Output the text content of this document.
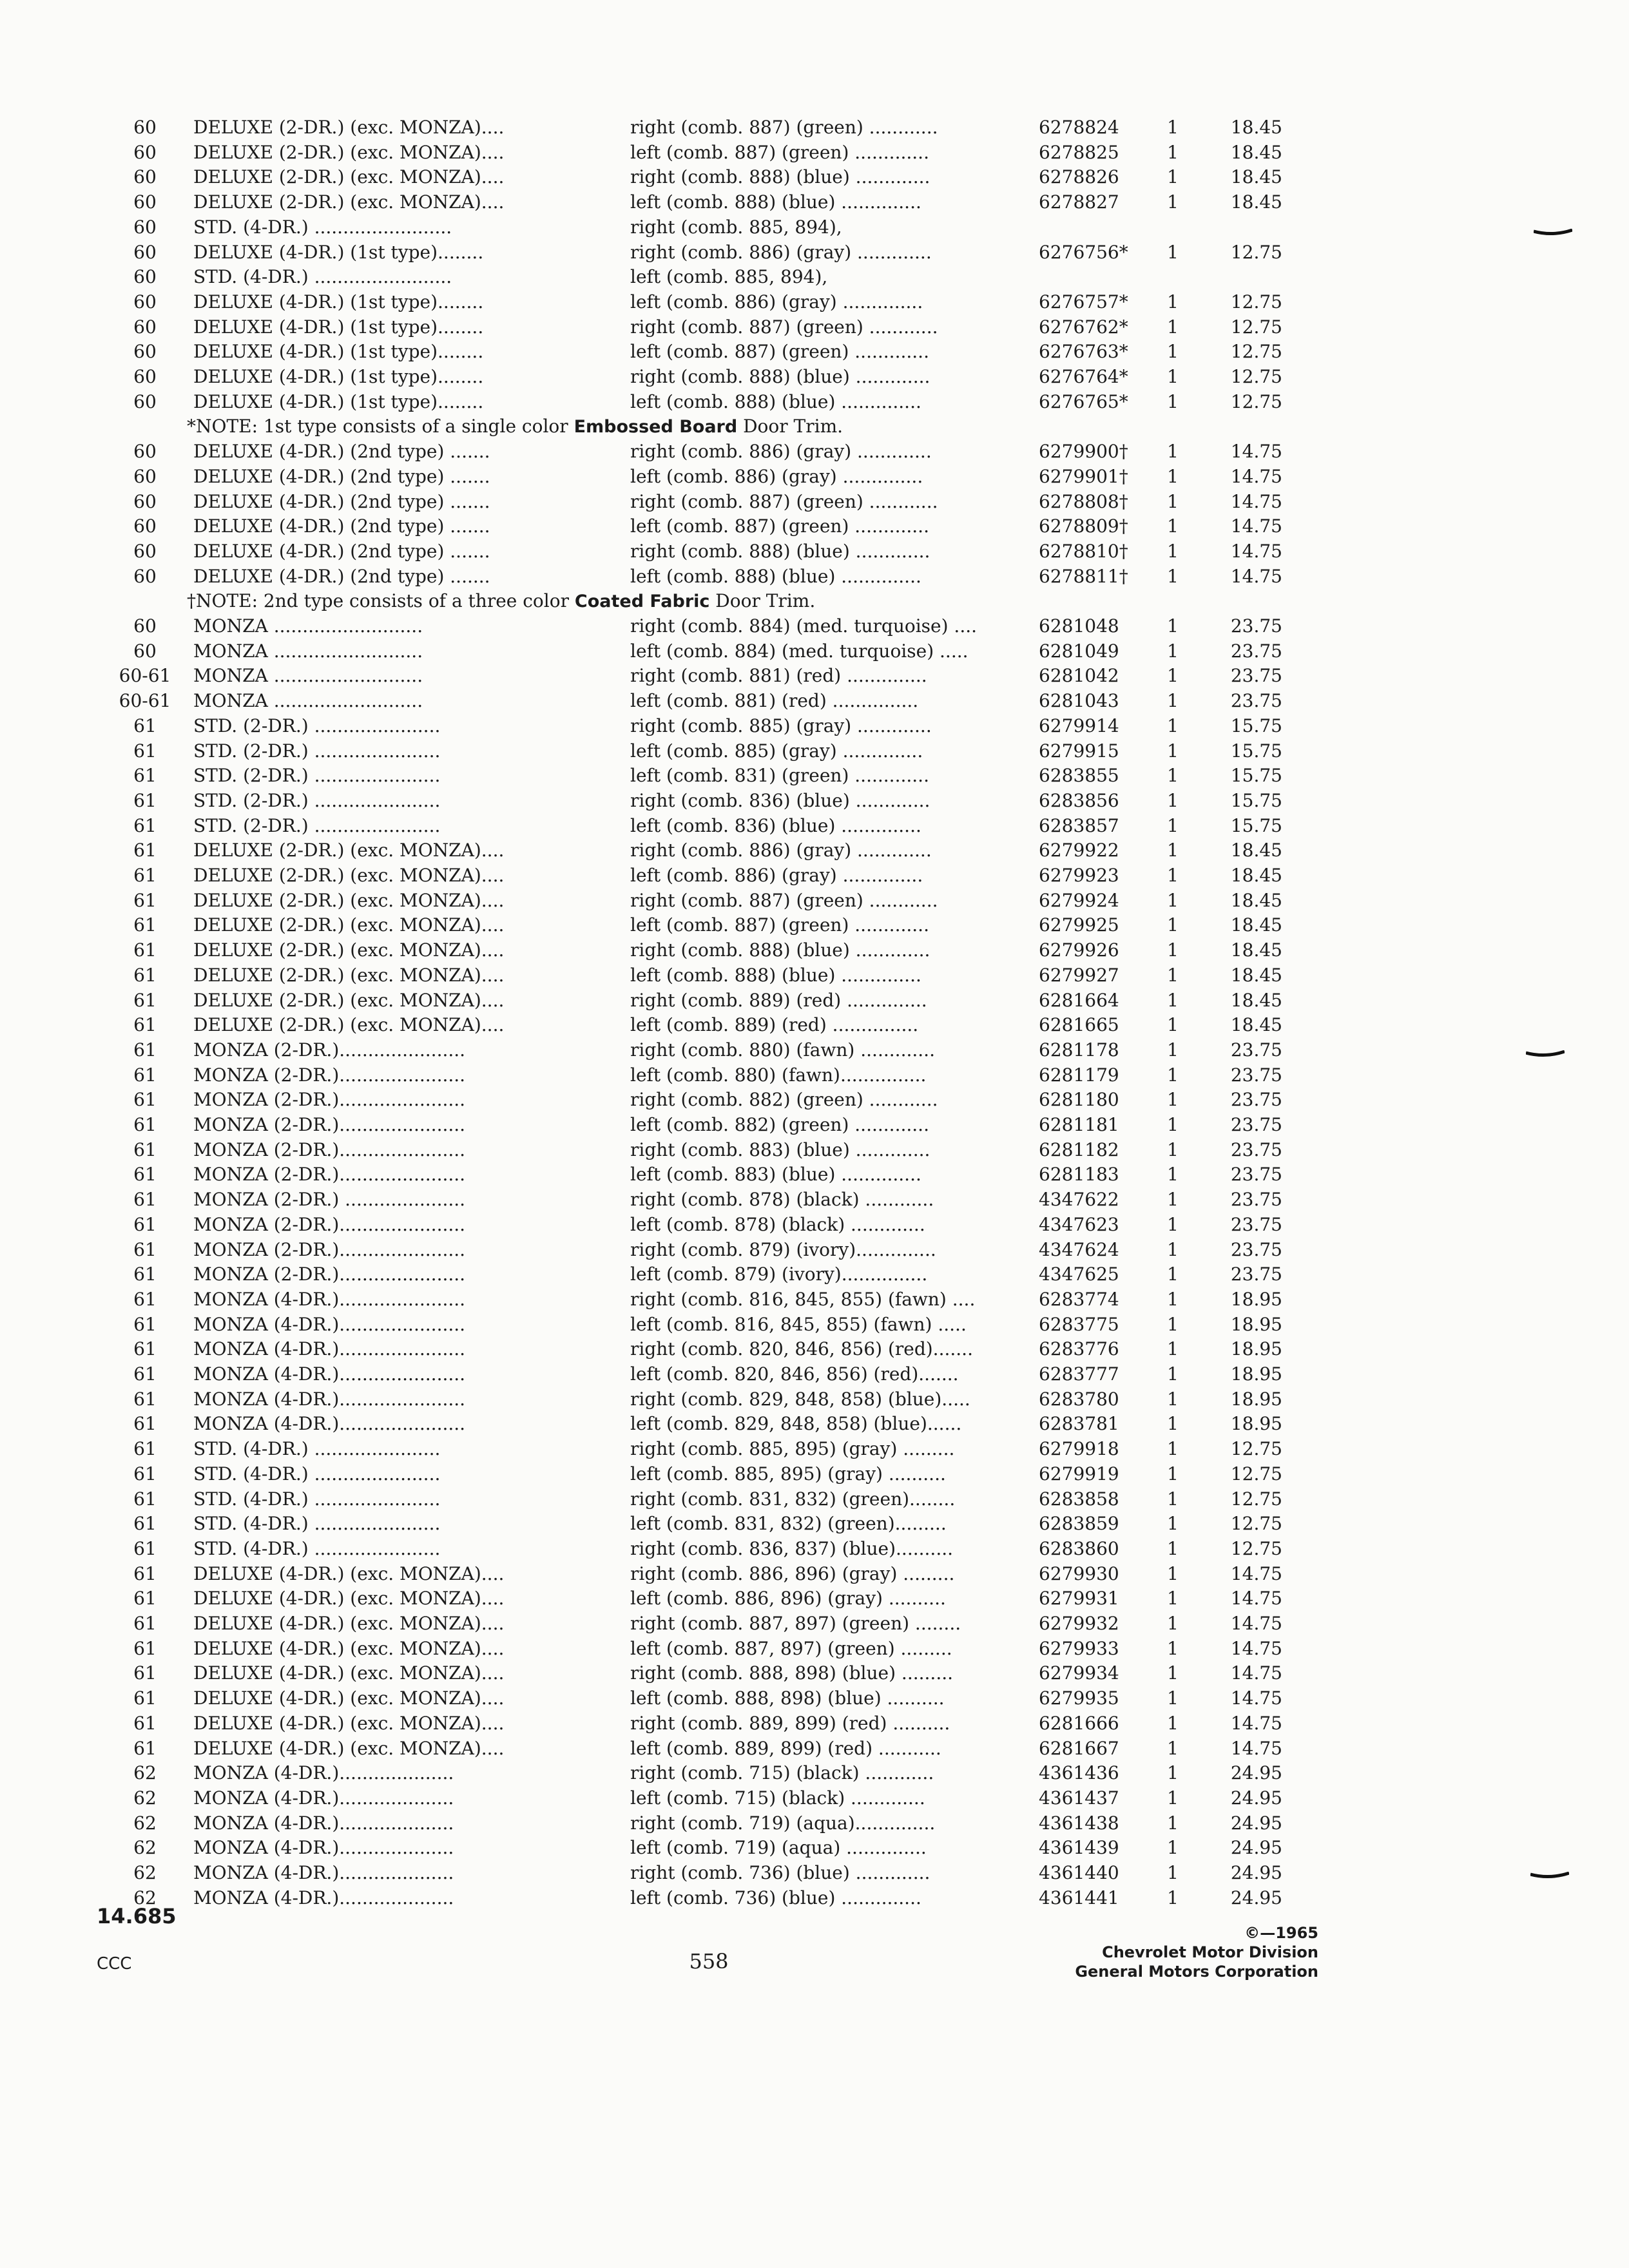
60	DELUXE (2-DR.) (exc. MONZA)....	right (comb. 887) (green) ............	6278824	1	18.45
60	DELUXE (2-DR.) (exc. MONZA)....	left (comb. 887) (green) .............	6278825	1	18.45
60	DELUXE (2-DR.) (exc. MONZA)....	right (comb. 888) (blue) .............	6278826	1	18.45
60	DELUXE (2-DR.) (exc. MONZA)....	left (comb. 888) (blue) ..............	6278827	1	18.45
60	STD. (4-DR.) ........................	right (comb. 885, 894),
60	DELUXE (4-DR.) (1st type)........	right (comb. 886) (gray) .............	6276756*	1	12.75
60	STD. (4-DR.) ........................	left (comb. 885, 894),
60	DELUXE (4-DR.) (1st type)........	left (comb. 886) (gray) ..............	6276757*	1	12.75
60	DELUXE (4-DR.) (1st type)........	right (comb. 887) (green) ............	6276762*	1	12.75
60	DELUXE (4-DR.) (1st type)........	left (comb. 887) (green) .............	6276763*	1	12.75
60	DELUXE (4-DR.) (1st type)........	right (comb. 888) (blue) .............	6276764*	1	12.75
60	DELUXE (4-DR.) (1st type)........	left (comb. 888) (blue) ..............	6276765*	1	12.75
*NOTE: 1st type consists of a single color Embossed Board Door Trim.
60	DELUXE (4-DR.) (2nd type) .......	right (comb. 886) (gray) .............	6279900†	1	14.75
60	DELUXE (4-DR.) (2nd type) .......	left (comb. 886) (gray) ..............	6279901†	1	14.75
60	DELUXE (4-DR.) (2nd type) .......	right (comb. 887) (green) ............	6278808†	1	14.75
60	DELUXE (4-DR.) (2nd type) .......	left (comb. 887) (green) .............	6278809†	1	14.75
60	DELUXE (4-DR.) (2nd type) .......	right (comb. 888) (blue) .............	6278810†	1	14.75
60	DELUXE (4-DR.) (2nd type) .......	left (comb. 888) (blue) ..............	6278811†	1	14.75
†NOTE: 2nd type consists of a three color Coated Fabric Door Trim.
60	MONZA ..........................	right (comb. 884) (med. turquoise) ....	6281048	1	23.75
60	MONZA ..........................	left (comb. 884) (med. turquoise) .....	6281049	1	23.75
60-61	MONZA ..........................	right (comb. 881) (red) ..............	6281042	1	23.75
60-61	MONZA ..........................	left (comb. 881) (red) ...............	6281043	1	23.75
61	STD. (2-DR.) ......................	right (comb. 885) (gray) .............	6279914	1	15.75
61	STD. (2-DR.) ......................	left (comb. 885) (gray) ..............	6279915	1	15.75
61	STD. (2-DR.) ......................	left (comb. 831) (green) .............	6283855	1	15.75
61	STD. (2-DR.) ......................	right (comb. 836) (blue) .............	6283856	1	15.75
61	STD. (2-DR.) ......................	left (comb. 836) (blue) ..............	6283857	1	15.75
61	DELUXE (2-DR.) (exc. MONZA)....	right (comb. 886) (gray) .............	6279922	1	18.45
61	DELUXE (2-DR.) (exc. MONZA)....	left (comb. 886) (gray) ..............	6279923	1	18.45
61	DELUXE (2-DR.) (exc. MONZA)....	right (comb. 887) (green) ............	6279924	1	18.45
61	DELUXE (2-DR.) (exc. MONZA)....	left (comb. 887) (green) .............	6279925	1	18.45
61	DELUXE (2-DR.) (exc. MONZA)....	right (comb. 888) (blue) .............	6279926	1	18.45
61	DELUXE (2-DR.) (exc. MONZA)....	left (comb. 888) (blue) ..............	6279927	1	18.45
61	DELUXE (2-DR.) (exc. MONZA)....	right (comb. 889) (red) ..............	6281664	1	18.45
61	DELUXE (2-DR.) (exc. MONZA)....	left (comb. 889) (red) ...............	6281665	1	18.45
61	MONZA (2-DR.)......................	right (comb. 880) (fawn) .............	6281178	1	23.75
61	MONZA (2-DR.)......................	left (comb. 880) (fawn)...............	6281179	1	23.75
61	MONZA (2-DR.)......................	right (comb. 882) (green) ............	6281180	1	23.75
61	MONZA (2-DR.)......................	left (comb. 882) (green) .............	6281181	1	23.75
61	MONZA (2-DR.)......................	right (comb. 883) (blue) .............	6281182	1	23.75
61	MONZA (2-DR.)......................	left (comb. 883) (blue) ..............	6281183	1	23.75
61	MONZA (2-DR.) .....................	right (comb. 878) (black) ............	4347622	1	23.75
61	MONZA (2-DR.)......................	left (comb. 878) (black) .............	4347623	1	23.75
61	MONZA (2-DR.)......................	right (comb. 879) (ivory)..............	4347624	1	23.75
61	MONZA (2-DR.)......................	left (comb. 879) (ivory)...............	4347625	1	23.75
61	MONZA (4-DR.)......................	right (comb. 816, 845, 855) (fawn) ....	6283774	1	18.95
61	MONZA (4-DR.)......................	left (comb. 816, 845, 855) (fawn) .....	6283775	1	18.95
61	MONZA (4-DR.)......................	right (comb. 820, 846, 856) (red).......	6283776	1	18.95
61	MONZA (4-DR.)......................	left (comb. 820, 846, 856) (red).......	6283777	1	18.95
61	MONZA (4-DR.)......................	right (comb. 829, 848, 858) (blue).....	6283780	1	18.95
61	MONZA (4-DR.)......................	left (comb. 829, 848, 858) (blue)......	6283781	1	18.95
61	STD. (4-DR.) ......................	right (comb. 885, 895) (gray) .........	6279918	1	12.75
61	STD. (4-DR.) ......................	left (comb. 885, 895) (gray) ..........	6279919	1	12.75
61	STD. (4-DR.) ......................	right (comb. 831, 832) (green)........	6283858	1	12.75
61	STD. (4-DR.) ......................	left (comb. 831, 832) (green).........	6283859	1	12.75
61	STD. (4-DR.) ......................	right (comb. 836, 837) (blue)..........	6283860	1	12.75
61	DELUXE (4-DR.) (exc. MONZA)....	right (comb. 886, 896) (gray) .........	6279930	1	14.75
61	DELUXE (4-DR.) (exc. MONZA)....	left (comb. 886, 896) (gray) ..........	6279931	1	14.75
61	DELUXE (4-DR.) (exc. MONZA)....	right (comb. 887, 897) (green) ........	6279932	1	14.75
61	DELUXE (4-DR.) (exc. MONZA)....	left (comb. 887, 897) (green) .........	6279933	1	14.75
61	DELUXE (4-DR.) (exc. MONZA)....	right (comb. 888, 898) (blue) .........	6279934	1	14.75
61	DELUXE (4-DR.) (exc. MONZA)....	left (comb. 888, 898) (blue) ..........	6279935	1	14.75
61	DELUXE (4-DR.) (exc. MONZA)....	right (comb. 889, 899) (red) ..........	6281666	1	14.75
61	DELUXE (4-DR.) (exc. MONZA)....	left (comb. 889, 899) (red) ...........	6281667	1	14.75
62	MONZA (4-DR.)....................	right (comb. 715) (black) ............	4361436	1	24.95
62	MONZA (4-DR.)....................	left (comb. 715) (black) .............	4361437	1	24.95
62	MONZA (4-DR.)....................	right (comb. 719) (aqua)..............	4361438	1	24.95
62	MONZA (4-DR.)....................	left (comb. 719) (aqua) ..............	4361439	1	24.95
62	MONZA (4-DR.)....................	right (comb. 736) (blue) .............	4361440	1	24.95
62	MONZA (4-DR.)....................	left (comb. 736) (blue) ..............	4361441	1	24.95
14.685
CCC	558
©—1965
Chevrolet Motor Division
General Motors Corporation
